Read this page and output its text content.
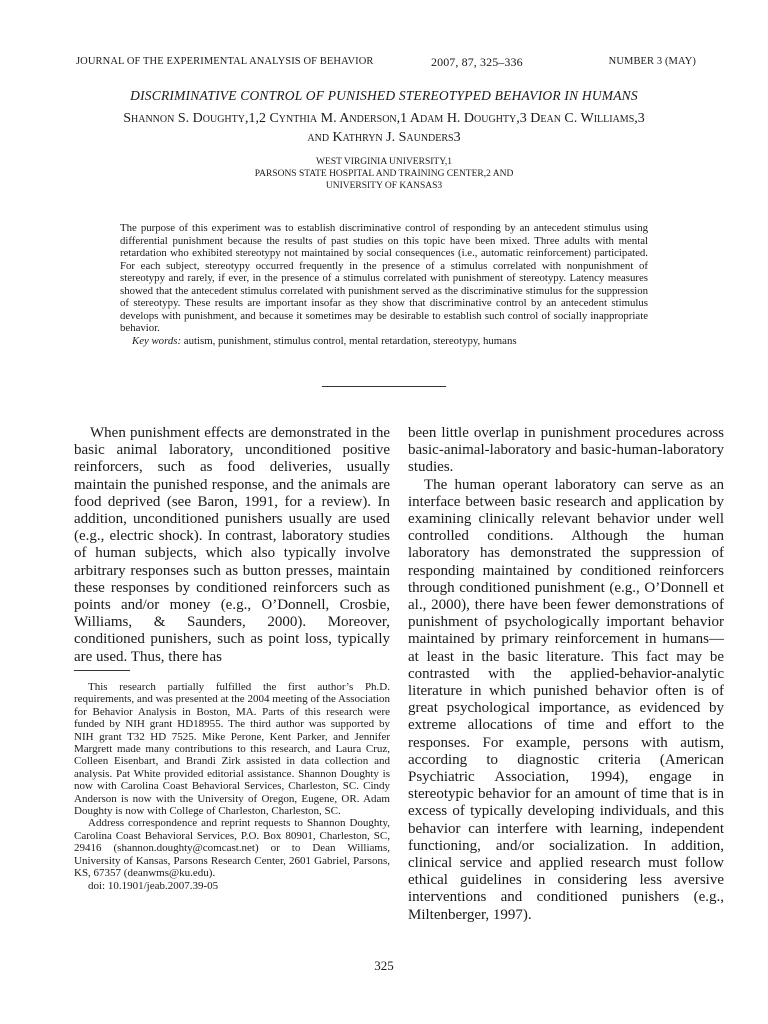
JOURNAL OF THE EXPERIMENTAL ANALYSIS OF BEHAVIOR	2007, 87, 325–336	NUMBER 3 (MAY)
DISCRIMINATIVE CONTROL OF PUNISHED STEREOTYPED BEHAVIOR IN HUMANS
Shannon S. Doughty,1,2 Cynthia M. Anderson,1 Adam H. Doughty,3 Dean C. Williams,3
and Kathryn J. Saunders3
WEST VIRGINIA UNIVERSITY,1
PARSONS STATE HOSPITAL AND TRAINING CENTER,2 AND
UNIVERSITY OF KANSAS3

The purpose of this experiment was to establish discriminative control of responding by an antecedent stimulus using differential punishment because the results of past studies on this topic have been mixed. Three adults with mental retardation who exhibited stereotypy not maintained by social consequences (i.e., automatic reinforcement) participated. For each subject, stereotypy occurred frequently in the presence of a stimulus correlated with nonpunishment of stereotypy and rarely, if ever, in the presence of a stimulus correlated with punishment of stereotypy. Latency measures showed that the antecedent stimulus correlated with punishment served as the discriminative stimulus for the suppression of stereotypy. These results are important insofar as they show that discriminative control by an antecedent stimulus develops with punishment, and because it sometimes may be desirable to establish such control of socially inappropriate behavior.

Key words: autism, punishment, stimulus control, mental retardation, stereotypy, humans

When punishment effects are demonstrated in the basic animal laboratory, unconditioned positive reinforcers, such as food deliveries, usually maintain the punished response, and the animals are food deprived (see Baron, 1991, for a review). In addition, unconditioned punishers usually are used (e.g., electric shock). In contrast, laboratory studies of human subjects, which also typically involve arbitrary responses such as button presses, maintain these responses by conditioned reinforcers such as points and/or money (e.g., O’Donnell, Crosbie, Williams, & Saunders, 2000). Moreover, conditioned punishers, such as point loss, typically are used. Thus, there has

been little overlap in punishment procedures across basic-animal-laboratory and basic-human-laboratory studies.

The human operant laboratory can serve as an interface between basic research and application by examining clinically relevant behavior under well controlled conditions. Although the human laboratory has demonstrated the suppression of responding maintained by conditioned reinforcers through conditioned punishment (e.g., O’Donnell et al., 2000), there have been fewer demonstrations of punishment of psychologically important behavior maintained by primary reinforcement in humans—at least in the basic literature. This fact may be contrasted with the applied-behavior-analytic literature in which punished behavior often is of great psychological importance, as evidenced by extreme allocations of time and effort to the responses. For example, persons with autism, according to diagnostic criteria (American Psychiatric Association, 1994), engage in stereotypic behavior for an amount of time that is in excess of typically developing individuals, and this behavior can interfere with learning, independent functioning, and/or socialization. In addition, clinical service and applied research must follow ethical guidelines in considering less aversive interventions and conditioned punishers (e.g., Miltenberger, 1997).

This research partially fulfilled the first author’s Ph.D. requirements, and was presented at the 2004 meeting of the Association for Behavior Analysis in Boston, MA. Parts of this research were funded by NIH grant HD18955. The third author was supported by NIH grant T32 HD 7525. Mike Perone, Kent Parker, and Jennifer Margrett made many contributions to this research, and Laura Cruz, Colleen Eisenbart, and Brandi Zirk assisted in data collection and analysis. Pat White provided editorial assistance. Shannon Doughty is now with Carolina Coast Behavioral Services, Charleston, SC. Cindy Anderson is now with the University of Oregon, Eugene, OR. Adam Doughty is now with College of Charleston, Charleston, SC.

Address correspondence and reprint requests to Shannon Doughty, Carolina Coast Behavioral Services, P.O. Box 80901, Charleston, SC, 29416 (shannon.doughty@comcast.net) or to Dean Williams, University of Kansas, Parsons Research Center, 2601 Gabriel, Parsons, KS, 67357 (deanwms@ku.edu).

doi: 10.1901/jeab.2007.39-05

325
